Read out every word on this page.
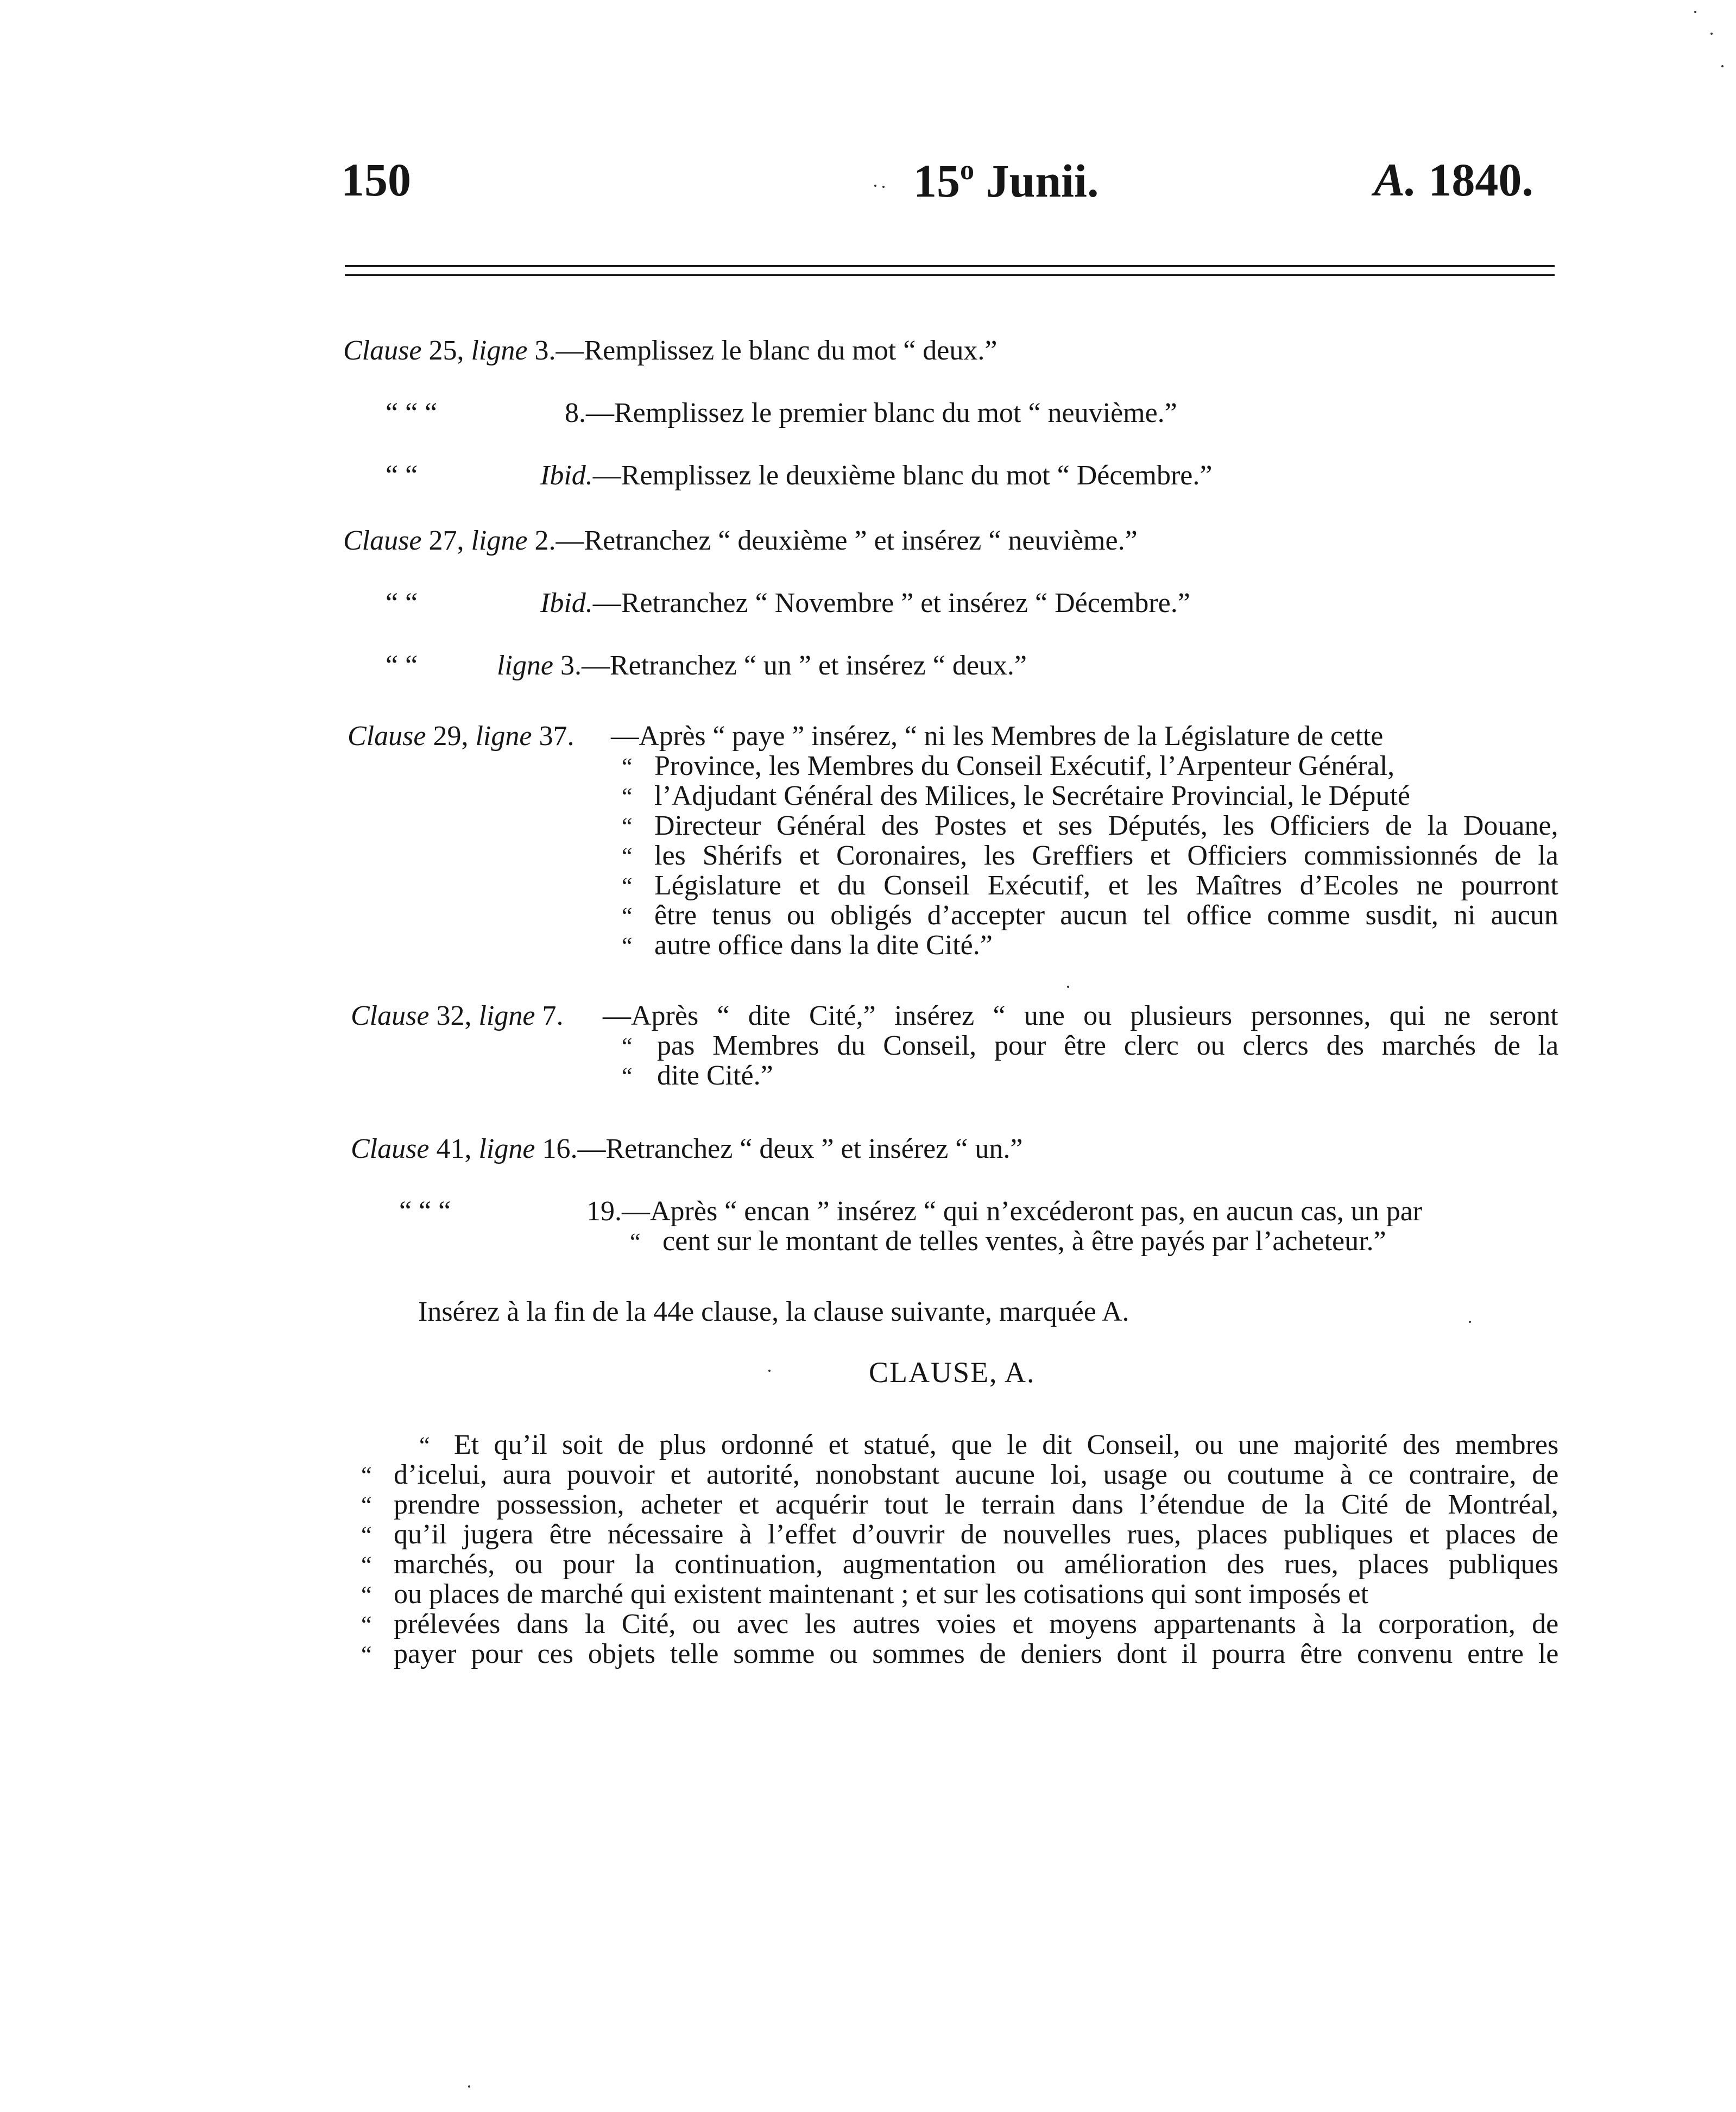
150	15$^o$ Junii.	A. 1840.
Clause 25, ligne 3.—Remplissez le blanc du mot “ deux.”
“ “ “	8.—Remplissez le premier blanc du mot “ neuvième.”
“ “	Ibid.—Remplissez le deuxième blanc du mot “ Décembre.”
Clause 27, ligne 2.—Retranchez “ deuxième ” et insérez “ neuvième.”
“ “	Ibid.—Retranchez “ Novembre ” et insérez “ Décembre.”
“ “	ligne 3.—Retranchez “ un ” et insérez “ deux.”
Clause 29, ligne 37. —Après “ paye ” insérez, “ ni les Membres de la Législature de cette
“ Province, les Membres du Conseil Exécutif, l’Arpenteur Général,
“ l’Adjudant Général des Milices, le Secrétaire Provincial, le Député
“ Directeur Général des Postes et ses Députés, les Officiers de la Douane,
“ les Shérifs et Coronaires, les Greffiers et Officiers commissionnés de la
“ Législature et du Conseil Exécutif, et les Maîtres d’Ecoles ne pourront
“ être tenus ou obligés d’accepter aucun tel office comme susdit, ni aucun
“ autre office dans la dite Cité.”
Clause 32, ligne 7. —Après “ dite Cité,” insérez “ une ou plusieurs personnes, qui ne seront
“ pas Membres du Conseil, pour être clerc ou clercs des marchés de la
“ dite Cité.”
Clause 41, ligne 16.—Retranchez “ deux ” et insérez “ un.”
“ “ “	19.—Après “ encan ” insérez “ qui n’excéderont pas, en aucun cas, un par
“ cent sur le montant de telles ventes, à être payés par l’acheteur.”
Insérez à la fin de la 44e clause, la clause suivante, marquée A.
CLAUSE, A.
“ Et qu’il soit de plus ordonné et statué, que le dit Conseil, ou une majorité des membres
“ d’icelui, aura pouvoir et autorité, nonobstant aucune loi, usage ou coutume à ce contraire, de
“ prendre possession, acheter et acquérir tout le terrain dans l’étendue de la Cité de Montréal,
“ qu’il jugera être nécessaire à l’effet d’ouvrir de nouvelles rues, places publiques et places de
“ marchés, ou pour la continuation, augmentation ou amélioration des rues, places publiques
“ ou places de marché qui existent maintenant ; et sur les cotisations qui sont imposés et
“ prélevées dans la Cité, ou avec les autres voies et moyens appartenants à la corporation, de
“ payer pour ces objets telle somme ou sommes de deniers dont il pourra être convenu entre le
